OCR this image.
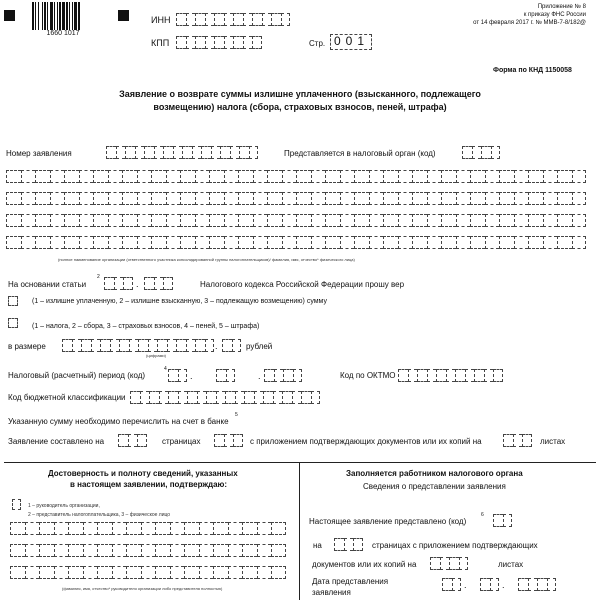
1660 1017
ИНН
КПП	Стр. 001
Приложение № 8
к приказу ФНС России
от 14 февраля 2017 г. № ММВ-7-8/182@
Форма по КНД 1150058
Заявление о возврате суммы излишне уплаченного (взысканного, подлежащего
возмещению) налога (сбора, страховых взносов, пеней, штрафа)
Номер заявления	Представляется в налоговый орган (код)
(полное наименование организации (ответственного участника консолидированной группы налогоплательщиков)/ фамилия, имя, отчество* физического лица)
На основании статьи
2
.	Налогового кодекса Российской Федерации прошу вер
(1 – излишне уплаченную, 2 – излишне взысканную, 3 – подлежащую возмещению) сумму
(1 – налога, 2 – сбора, 3 – страховых взносов, 4 – пеней, 5 – штрафа)
в размере
(цифрами)
.	рублей
Налоговый (расчетный) период (код)
4
.	.	Код по ОКТМО
Код бюджетной классификации
Указанную сумму необходимо перечислить на счет в банке
5
Заявление составлено на	страницах	с приложением подтверждающих документов или их копий на	листах
Достоверность и полноту сведений, указанных
в настоящем заявлении, подтверждаю:
1 – руководитель организации,
2 – представитель налогоплательщика, 3 – физическое лицо
(фамилия, имя, отчество* руководителя организации либо представителя полностью)
Заполняется работником налогового органа
Сведения о представлении заявления
Настоящее заявление представлено (код)
6
на	страницах с приложением подтверждающих
документов или их копий на	листах
Дата представления
заявления
.	.
